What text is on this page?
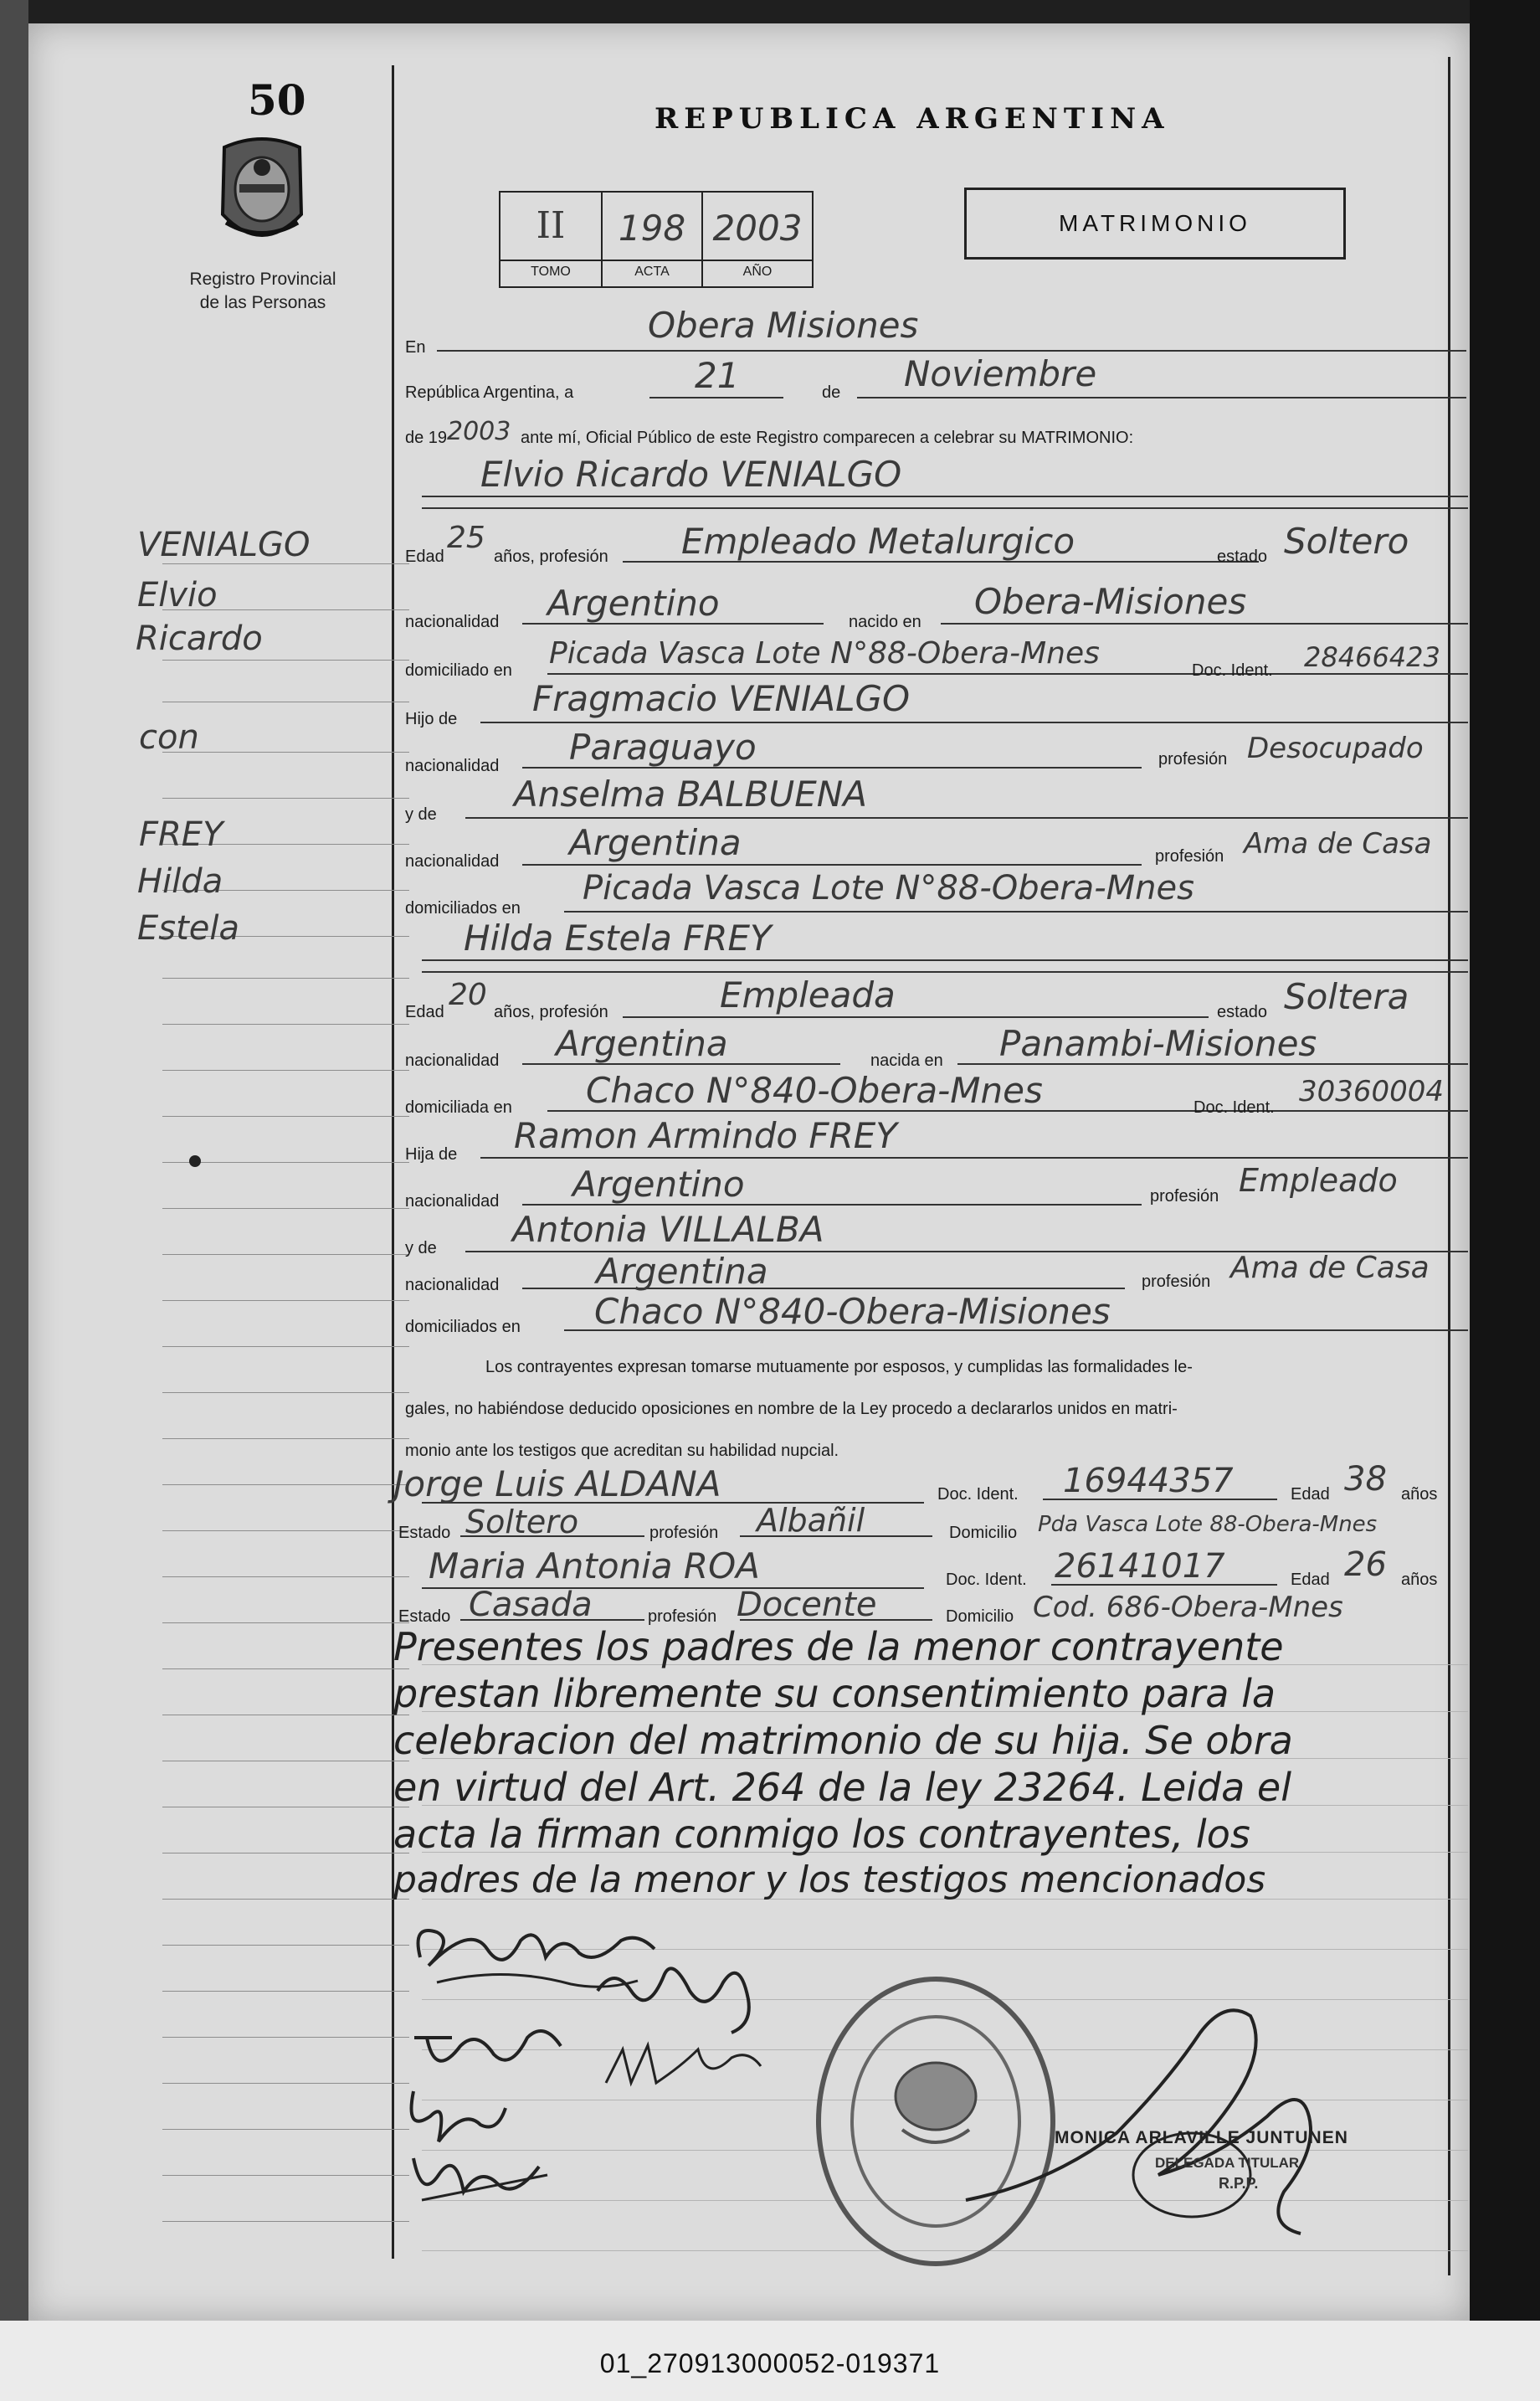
50
Registro Provincial
de las Personas
REPUBLICA ARGENTINA
II	198 2003
TOMO	ACTA	AÑO
MATRIMONIO
VENIALGO
Elvio
Ricardo
con
FREY
Hilda
Estela
En
Obera Misiones
República Argentina, a	21	de Noviembre
de 19 2003 ante mí, Oficial Público de este Registro comparecen a celebrar su MATRIMONIO:
Elvio Ricardo VENIALGO
Edad
25
años, profesión Empleado Metalurgico	estado Soltero
nacionalidad Argentino	nacido en Obera-Misiones
domiciliado en Picada Vasca Lote N°88-Obera-Mnes	Doc. Ident. 28466423
Hijo de Fragmacio VENIALGO
nacionalidad Paraguayo	profesión Desocupado
y de Anselma BALBUENA
nacionalidad Argentina	profesión Ama de Casa
domiciliados en
Picada Vasca Lote N°88-Obera-Mnes
Hilda Estela FREY
Edad 20 años, profesión	Empleada	estado Soltera
nacionalidad Argentina	nacida en Panambi-Misiones
domiciliada en Chaco N°840-Obera-Mnes	Doc. Ident. 30360004
Hija de Ramon Armindo FREY
nacionalidad Argentino	profesión Empleado
y de Antonia VILLALBA
nacionalidad	Argentina	profesión Ama de Casa
domiciliados en Chaco N°840-Obera-Misiones
Los contrayentes expresan tomarse mutuamente por esposos, y cumplidas las formalidades le-
gales, no habiéndose deducido oposiciones en nombre de la Ley procedo a declararlos unidos en matri-
monio ante los testigos que acreditan su habilidad nupcial.
Jorge Luis ALDANA	Doc. Ident. 16944357	Edad 38 años
Estado Soltero	profesión Albañil	Domicilio Pda Vasca Lote 88-Obera-Mnes
Maria Antonia ROA	Doc. Ident. 26141017	Edad 26 años
Estado Casada	profesión Docente	Domicilio Cod. 686-Obera-Mnes
Presentes los padres de la menor contrayente
prestan libremente su consentimiento para la
celebracion del matrimonio de su hija. Se obra
en virtud del Art. 264 de la ley 23264. Leida el
acta la firman conmigo los contrayentes, los
padres de la menor y los testigos mencionados
MONICA ARLAVILLE JUNTUNEN
DELEGADA TITULAR
R.P.P.
01_270913000052-019371
